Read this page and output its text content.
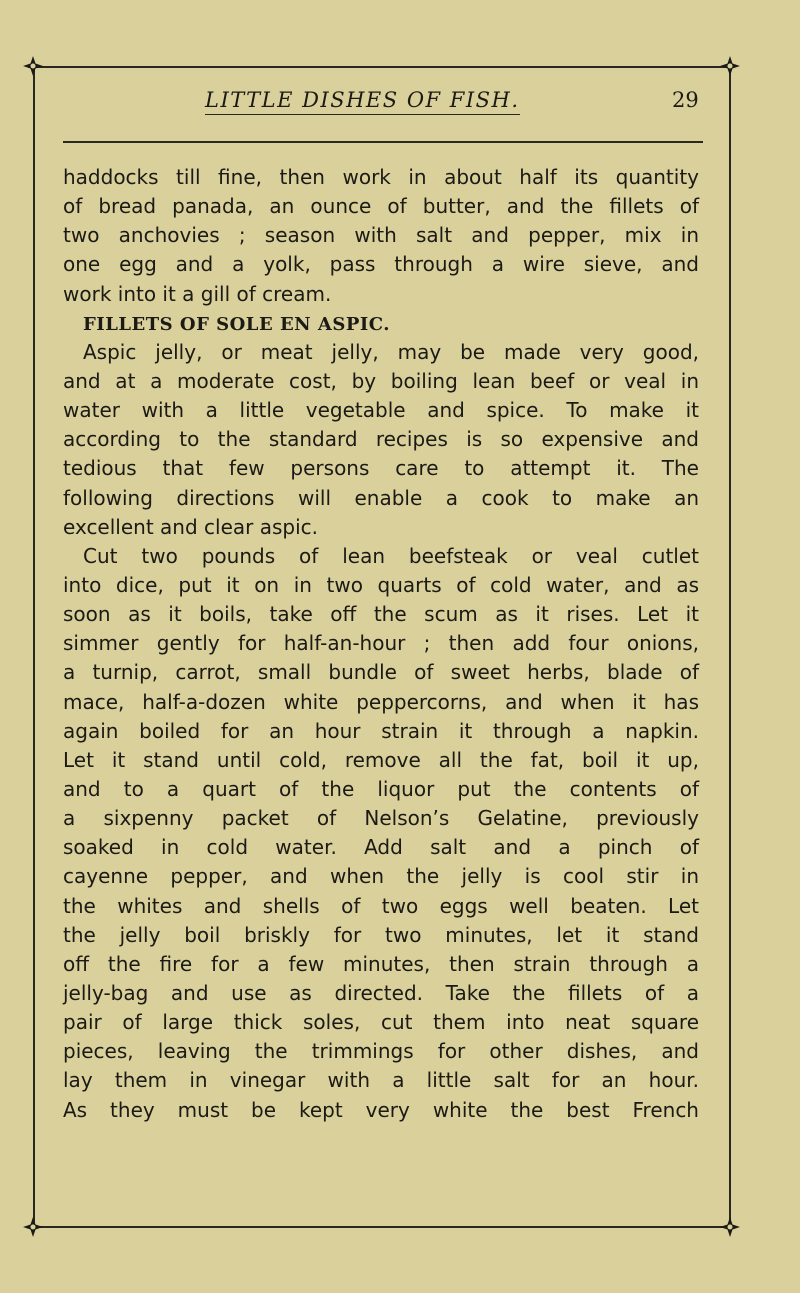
LITTLE DISHES OF FISH.	29
haddocks till fine, then work in about half its quantity
of bread panada, an ounce of butter, and the fillets of
two anchovies ; season with salt and pepper, mix in
one egg and a yolk, pass through a wire sieve, and
work into it a gill of cream.
FILLETS OF SOLE EN ASPIC.
Aspic jelly, or meat jelly, may be made very good,
and at a moderate cost, by boiling lean beef or veal in
water with a little vegetable and spice. To make it
according to the standard recipes is so expensive and
tedious that few persons care to attempt it. The
following directions will enable a cook to make an
excellent and clear aspic.
Cut two pounds of lean beefsteak or veal cutlet
into dice, put it on in two quarts of cold water, and as
soon as it boils, take off the scum as it rises. Let it
simmer gently for half-an-hour ; then add four onions,
a turnip, carrot, small bundle of sweet herbs, blade of
mace, half-a-dozen white peppercorns, and when it has
again boiled for an hour strain it through a napkin.
Let it stand until cold, remove all the fat, boil it up,
and to a quart of the liquor put the contents of
a sixpenny packet of Nelson’s Gelatine, previously
soaked in cold water. Add salt and a pinch of
cayenne pepper, and when the jelly is cool stir in
the whites and shells of two eggs well beaten. Let
the jelly boil briskly for two minutes, let it stand
off the fire for a few minutes, then strain through a
jelly-bag and use as directed. Take the fillets of a
pair of large thick soles, cut them into neat square
pieces, leaving the trimmings for other dishes, and
lay them in vinegar with a little salt for an hour.
As they must be kept very white the best French
